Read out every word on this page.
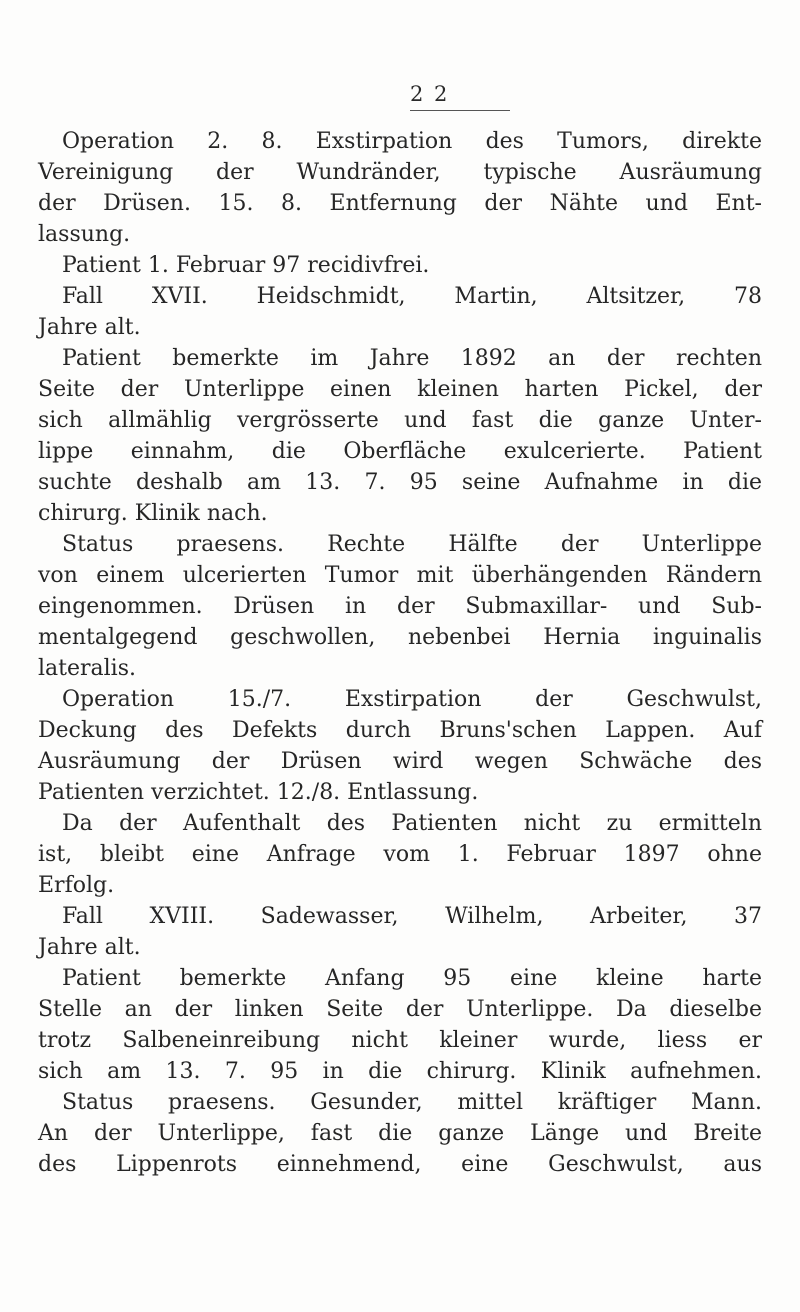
2 2
Operation 2. 8. Exstirpation des Tumors, direkte
Vereinigung der Wundränder, typische Ausräumung
der Drüsen. 15. 8. Entfernung der Nähte und Ent-
lassung.
Patient 1. Februar 97 recidivfrei.
Fall XVII. Heidschmidt, Martin, Altsitzer, 78
Jahre alt.
Patient bemerkte im Jahre 1892 an der rechten
Seite der Unterlippe einen kleinen harten Pickel, der
sich allmählig vergrösserte und fast die ganze Unter-
lippe einnahm, die Oberfläche exulcerierte. Patient
suchte deshalb am 13. 7. 95 seine Aufnahme in die
chirurg. Klinik nach.
Status praesens. Rechte Hälfte der Unterlippe
von einem ulcerierten Tumor mit überhängenden Rändern
eingenommen. Drüsen in der Submaxillar- und Sub-
mentalgegend geschwollen, nebenbei Hernia inguinalis
lateralis.
Operation 15./7. Exstirpation der Geschwulst,
Deckung des Defekts durch Bruns'schen Lappen. Auf
Ausräumung der Drüsen wird wegen Schwäche des
Patienten verzichtet. 12./8. Entlassung.
Da der Aufenthalt des Patienten nicht zu ermitteln
ist, bleibt eine Anfrage vom 1. Februar 1897 ohne
Erfolg.
Fall XVIII. Sadewasser, Wilhelm, Arbeiter, 37
Jahre alt.
Patient bemerkte Anfang 95 eine kleine harte
Stelle an der linken Seite der Unterlippe. Da dieselbe
trotz Salbeneinreibung nicht kleiner wurde, liess er
sich am 13. 7. 95 in die chirurg. Klinik aufnehmen.
Status praesens. Gesunder, mittel kräftiger Mann.
An der Unterlippe, fast die ganze Länge und Breite
des Lippenrots einnehmend, eine Geschwulst, aus
